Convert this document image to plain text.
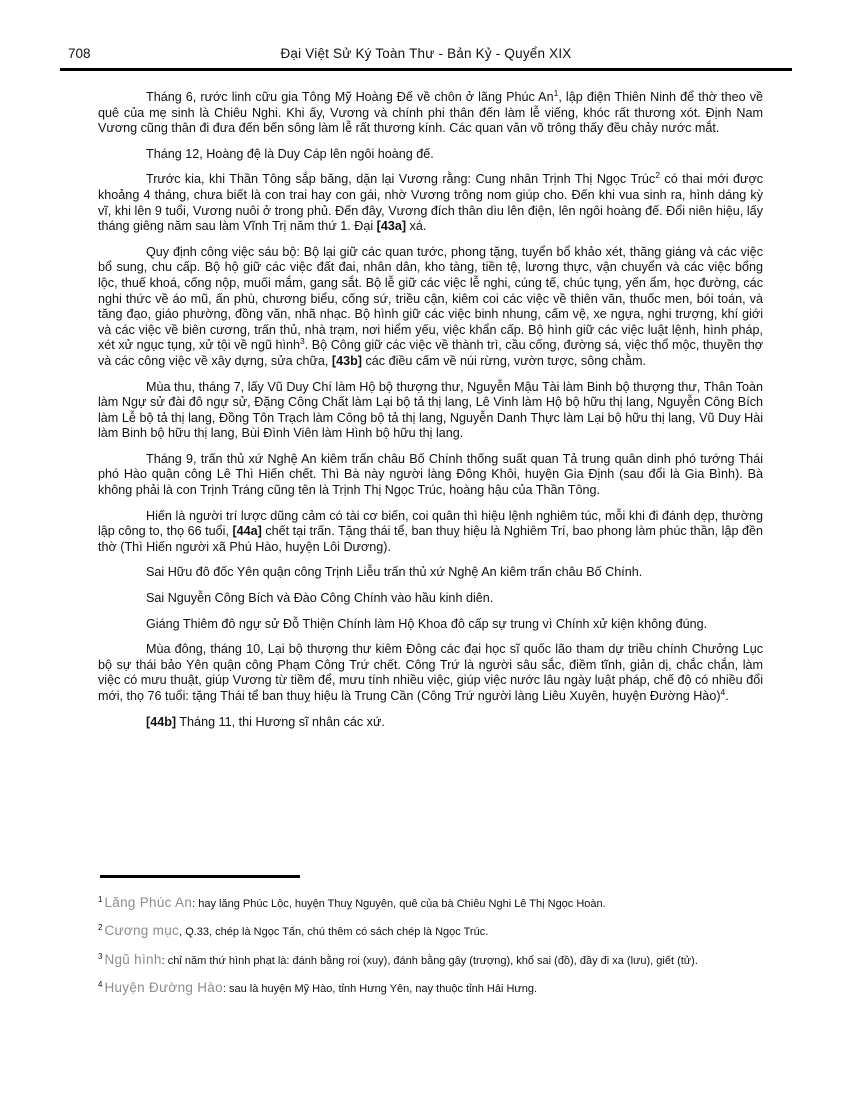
708	Đại Việt Sử Ký Toàn Thư - Bản Kỷ - Quyển XIX

Tháng 6, rước linh cữu gia Tông Mỹ Hoàng Đế về chôn ở lãng Phúc An$^1$, lập điện Thiên Ninh để thờ theo về quê của mẹ sinh là Chiêu Nghi. Khi ấy, Vương và chính phi thân đến làm lễ viếng, khóc rất thương xót. Định Nam Vương cũng thân đi đưa đến bến sông làm lễ rất thương kính. Các quan văn võ trông thấy đều chảy nước mắt.

Tháng 12, Hoàng đệ là Duy Cáp lên ngôi hoàng đế.

Trước kia, khi Thần Tông sắp băng, dặn lại Vương rằng: Cung nhân Trịnh Thị Ngọc Trúc$^2$ có thai mới được khoảng 4 tháng, chưa biết là con trai hay con gái, nhờ Vương trông nom giúp cho. Đến khi vua sinh ra, hình dáng kỳ vĩ, khi lên 9 tuổi, Vương nuôi ở trong phủ. Đến đây, Vương đích thân dìu lên điện, lên ngôi hoàng đế. Đổi niên hiệu, lấy tháng giêng năm sau làm Vĩnh Trị năm thứ 1. Đại [43a] xá.

Quy định công việc sáu bộ: Bộ lại giữ các quan tước, phong tặng, tuyển bổ khảo xét, thăng giáng và các việc bổ sung, chu cấp. Bộ hộ giữ các việc đất đai, nhân dân, kho tàng, tiền tệ, lương thực, vận chuyển và các việc bổng lộc, thuế khoá, cống nộp, muối mắm, gang sắt. Bộ lễ giữ các việc lễ nghi, cúng tế, chúc tụng, yến ẩm, học đường, các nghi thức về áo mũ, ấn phù, chương biểu, cống sứ, triều cận, kiêm coi các việc về thiên văn, thuốc men, bói toán, và tăng đạo, giáo phường, đồng văn, nhã nhạc. Bộ hình giữ các việc binh nhung, cấm vệ, xe ngựa, nghi trượng, khí giới và các việc về biên cương, trấn thủ, nhà trạm, nơi hiểm yếu, việc khẩn cấp. Bộ hình giữ các việc luật lệnh, hình pháp, xét xử ngục tụng, xử tội về ngũ hình$^3$. Bộ Công giữ các việc về thành trì, cầu cống, đường sá, việc thổ mộc, thuyền thợ và các công việc về xây dựng, sửa chữa, [43b] các điều cấm về núi rừng, vườn tược, sông chằm.

Mùa thu, tháng 7, lấy Vũ Duy Chí làm Hộ bộ thượng thư, Nguyễn Mậu Tài làm Binh bộ thượng thư, Thân Toàn làm Ngự sử đài đô ngự sử, Đặng Công Chất làm Lại bộ tả thị lang, Lê Vinh làm Hộ bộ hữu thị lang, Nguyễn Công Bích làm Lễ bộ tả thị lang, Đồng Tôn Trạch làm Công bộ tả thị lang, Nguyễn Danh Thực làm Lại bộ hữu thị lang, Vũ Duy Hài làm Binh bộ hữu thị lang, Bùi Đình Viên làm Hình bộ hữu thị lang.

Tháng 9, trấn thủ xứ Nghệ An kiêm trấn châu Bố Chính thống suất quan Tả trung quân dinh phó tướng Thái phó Hào quận công Lê Thì Hiến chết. Thì Bà này người làng Đông Khôi, huyện Gia Định (sau đổi là Gia Bình). Bà không phải là con Trịnh Tráng cũng tên là Trịnh Thị Ngọc Trúc, hoàng hậu của Thần Tông.

Hiến là người trí lược dũng cảm có tài cơ biến, coi quân thì hiệu lệnh nghiêm túc, mỗi khi đi đánh dẹp, thường lập công to, thọ 66 tuổi, [44a] chết tại trấn. Tặng thái tể, ban thuỵ hiệu là Nghiêm Trí, bao phong làm phúc thần, lập đền thờ (Thì Hiến người xã Phú Hào, huyện Lôi Dương).

Sai Hữu đô đốc Yên quận công Trịnh Liễu trấn thủ xứ Nghệ An kiêm trấn châu Bố Chính.

Sai Nguyễn Công Bích và Đào Công Chính vào hầu kinh diên.

Giáng Thiêm đô ngự sử Đỗ Thiện Chính làm Hộ Khoa đô cấp sự trung vì Chính xử kiện không đúng.

Mùa đông, tháng 10, Lại bộ thượng thư kiêm Đông các đại học sĩ quốc lão tham dự triều chính Chưởng Lục bộ sự thái bảo Yên quận công Phạm Công Trứ chết. Công Trứ là người sâu sắc, điềm tĩnh, giản dị, chắc chắn, làm việc có mưu thuật, giúp Vương từ tiềm để, mưu tính nhiều việc, giúp việc nước lâu ngày luật pháp, chế độ có nhiều đổi mới, thọ 76 tuổi: tặng Thái tể ban thuỵ hiệu là Trung Cần (Công Trứ người làng Liêu Xuyên, huyện Đường Hào)$^4$.

[44b] Tháng 11, thi Hương sĩ nhân các xứ.

$^1$ Lăng Phúc An: hay lăng Phúc Lộc, huyện Thuỵ Nguyên, quê của bà Chiêu Nghi Lê Thị Ngọc Hoàn.

$^2$ Cương mục, Q.33, chép là Ngọc Tấn, chú thêm có sách chép là Ngọc Trúc.

$^3$ Ngũ hình: chỉ năm thứ hình phạt là: đánh bằng roi (xuy), đánh bằng gậy (trượng), khổ sai (đồ), đầy đi xa (lưu), giết (tử).

$^4$ Huyện Đường Hào: sau là huyện Mỹ Hào, tỉnh Hưng Yên, nay thuộc tỉnh Hải Hưng.
